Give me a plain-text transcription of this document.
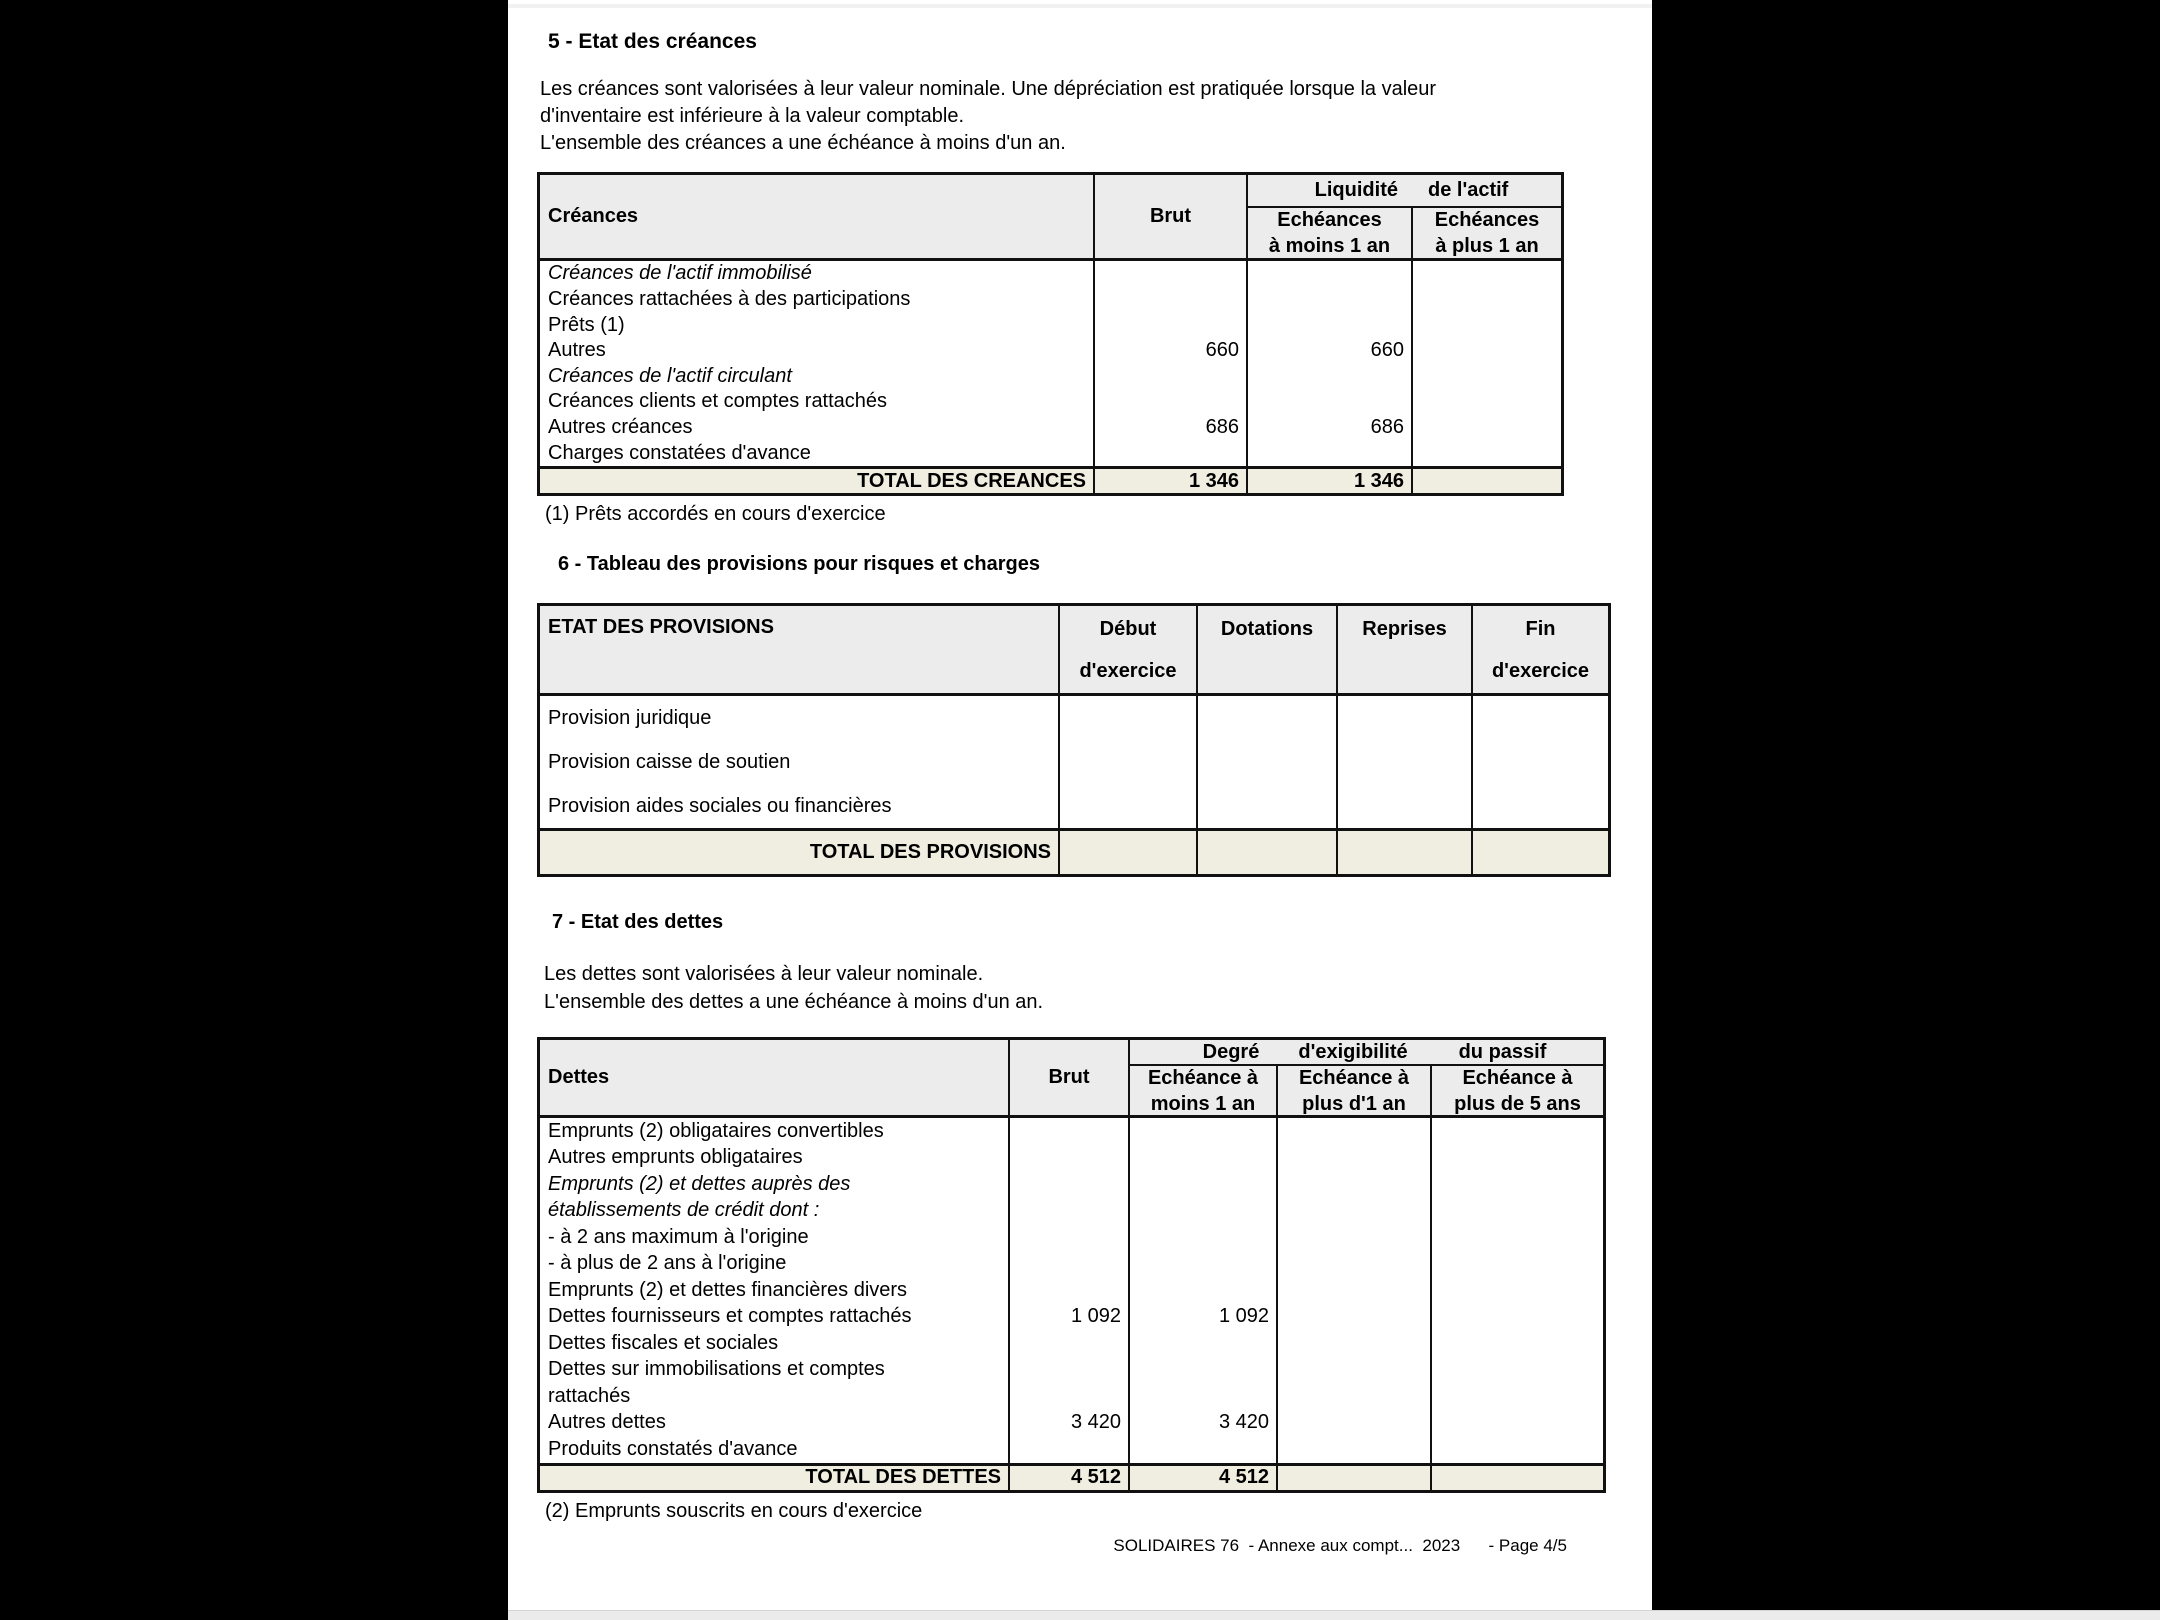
5 - Etat des créances
Les créances sont valorisées à leur valeur nominale. Une dépréciation est pratiquée lorsque la valeur
d'inventaire est inférieure à la valeur comptable.
L'ensemble des créances a une échéance à moins d'un an.
Créances	Brut
Liquidité de l'actif
Echéances
à moins 1 an
Echéances
à plus 1 an
Créances de l'actif immobilisé
Créances rattachées à des participations
Prêts (1)
Autres	660	660
Créances de l'actif circulant
Créances clients et comptes rattachés
Autres créances	686	686
Charges constatées d'avance
TOTAL DES CREANCES	1 346	1 346
(1) Prêts accordés en cours d'exercice
6 - Tableau des provisions pour risques et charges
ETAT DES PROVISIONS	Début
d'exercice
Dotations Reprises	Fin
d'exercice
Provision juridique
Provision caisse de soutien
Provision aides sociales ou financières
TOTAL DES PROVISIONS
7 - Etat des dettes
Les dettes sont valorisées à leur valeur nominale.
L'ensemble des dettes a une échéance à moins d'un an.
Dettes	Brut
Degré	d'exigibilité	du passif
Echéance à
moins 1 an
Echéance à
plus d'1 an
Echéance à
plus de 5 ans
Emprunts (2) obligataires convertibles
Autres emprunts obligataires
Emprunts (2) et dettes auprès des
établissements de crédit dont :
- à 2 ans maximum à l'origine
- à plus de 2 ans à l'origine
Emprunts (2) et dettes financières divers
Dettes fournisseurs et comptes rattachés	1 092	1 092
Dettes fiscales et sociales
Dettes sur immobilisations et comptes
rattachés
Autres dettes	3 420	3 420
Produits constatés d'avance
TOTAL DES DETTES	4 512	4 512
(2) Emprunts souscrits en cours d'exercice
SOLIDAIRES 76  - Annexe aux compt...  2023      - Page 4/5
